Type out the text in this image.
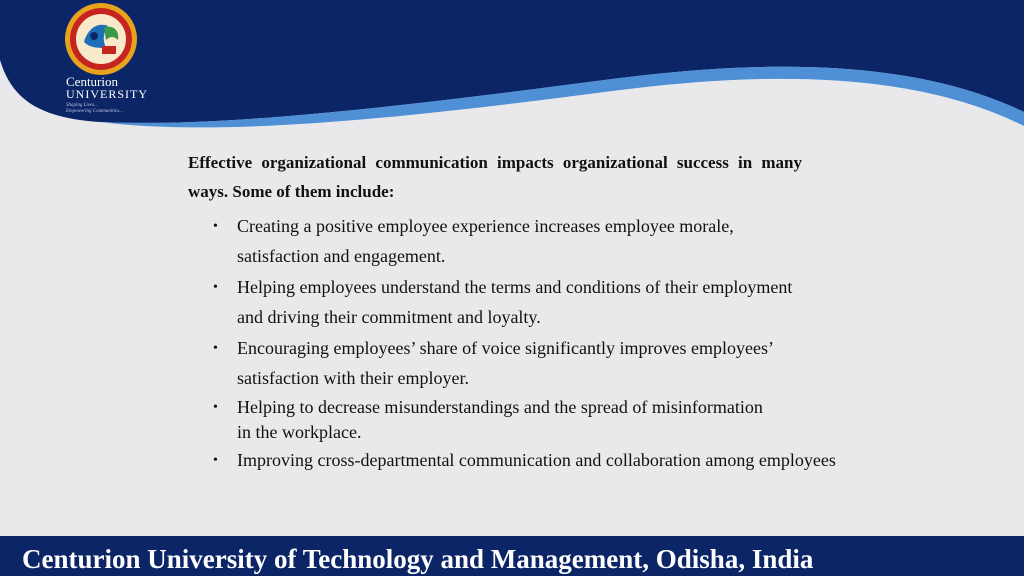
Centurion
UNIVERSITY
Shaping Lives...
Empowering Communities...

Effective organizational communication impacts organizational success in many ways. Some of them include:

• Creating a positive employee experience increases employee morale, satisfaction and engagement.
• Helping employees understand the terms and conditions of their employment and driving their commitment and loyalty.
• Encouraging employees’ share of voice significantly improves employees’ satisfaction with their employer.
• Helping to decrease misunderstandings and the spread of misinformation in the workplace.
• Improving cross-departmental communication and collaboration among employees
Centurion University of Technology and Management, Odisha, India
